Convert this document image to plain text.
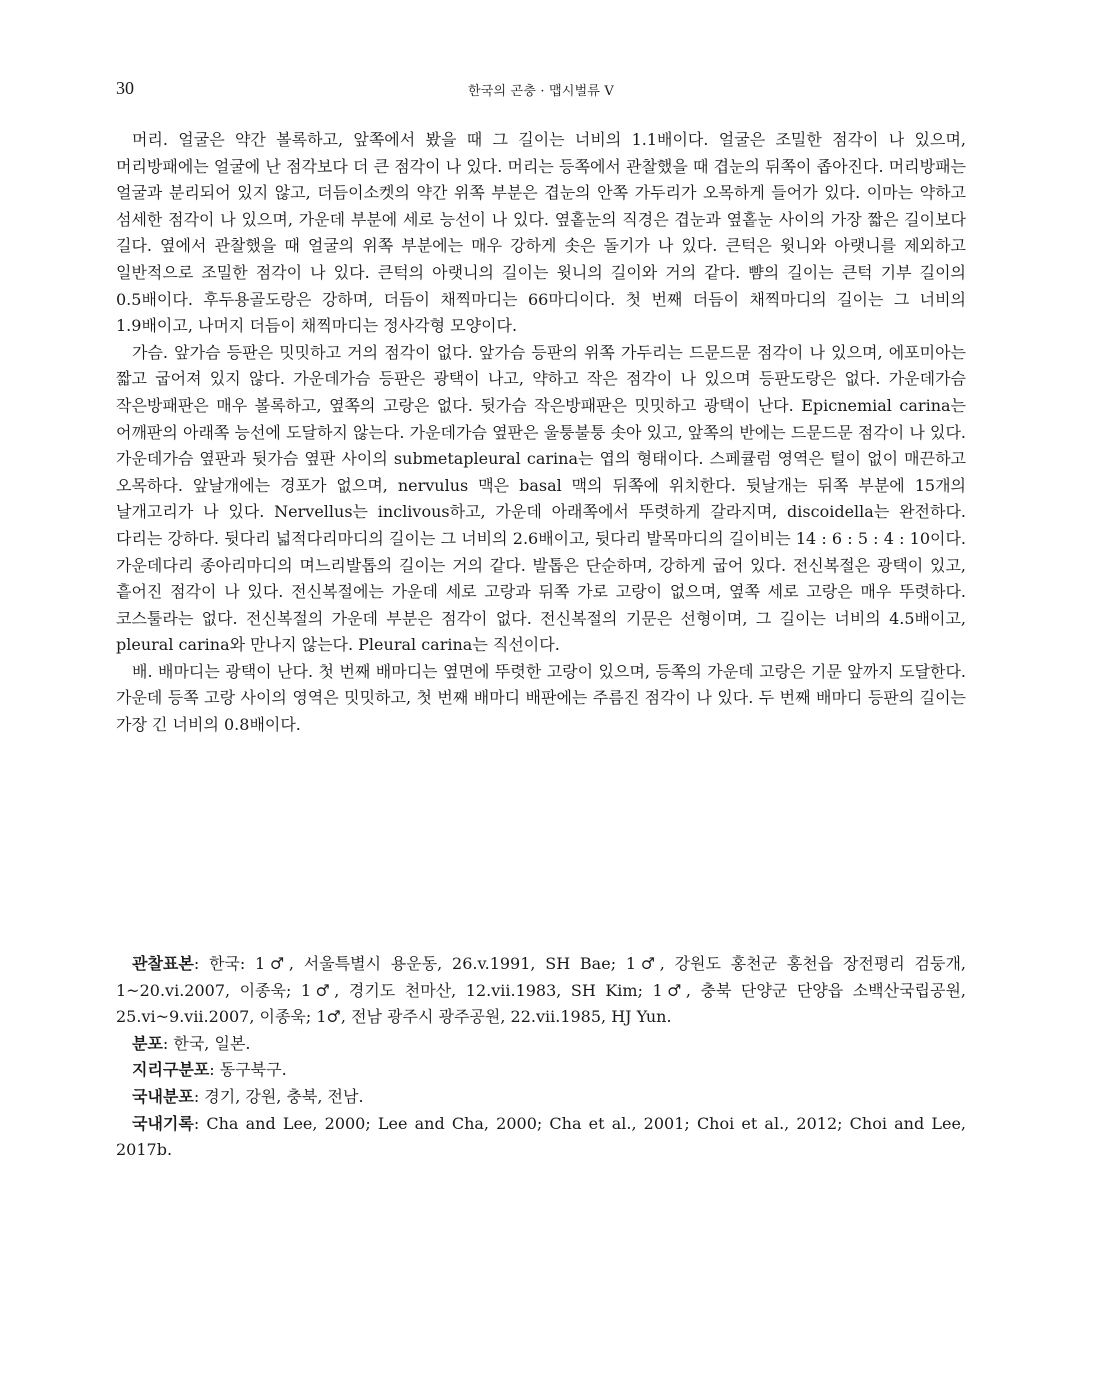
30	한국의 곤충 · 맵시벌류 V

머리. 얼굴은 약간 볼록하고, 앞쪽에서 봤을 때 그 길이는 너비의 1.1배이다. 얼굴은 조밀한 점각이 나 있으며, 머리방패에는 얼굴에 난 점각보다 더 큰 점각이 나 있다. 머리는 등쪽에서 관찰했을 때 겹눈의 뒤쪽이 좁아진다. 머리방패는 얼굴과 분리되어 있지 않고, 더듬이소켓의 약간 위쪽 부분은 겹눈의 안쪽 가두리가 오목하게 들어가 있다. 이마는 약하고 섬세한 점각이 나 있으며, 가운데 부분에 세로 능선이 나 있다. 옆홑눈의 직경은 겹눈과 옆홑눈 사이의 가장 짧은 길이보다 길다. 옆에서 관찰했을 때 얼굴의 위쪽 부분에는 매우 강하게 솟은 돌기가 나 있다. 큰턱은 윗니와 아랫니를 제외하고 일반적으로 조밀한 점각이 나 있다. 큰턱의 아랫니의 길이는 윗니의 길이와 거의 같다. 뺨의 길이는 큰턱 기부 길이의 0.5배이다. 후두용골도랑은 강하며, 더듬이 채찍마디는 66마디이다. 첫 번째 더듬이 채찍마디의 길이는 그 너비의 1.9배이고, 나머지 더듬이 채찍마디는 정사각형 모양이다.

가슴. 앞가슴 등판은 밋밋하고 거의 점각이 없다. 앞가슴 등판의 위쪽 가두리는 드문드문 점각이 나 있으며, 에포미아는 짧고 굽어져 있지 않다. 가운데가슴 등판은 광택이 나고, 약하고 작은 점각이 나 있으며 등판도랑은 없다. 가운데가슴 작은방패판은 매우 볼록하고, 옆쪽의 고랑은 없다. 뒷가슴 작은방패판은 밋밋하고 광택이 난다. Epicnemial carina는 어깨판의 아래쪽 능선에 도달하지 않는다. 가운데가슴 옆판은 울퉁불퉁 솟아 있고, 앞쪽의 반에는 드문드문 점각이 나 있다. 가운데가슴 옆판과 뒷가슴 옆판 사이의 submetapleural carina는 엽의 형태이다. 스페큘럼 영역은 털이 없이 매끈하고 오목하다. 앞날개에는 경포가 없으며, nervulus 맥은 basal 맥의 뒤쪽에 위치한다. 뒷날개는 뒤쪽 부분에 15개의 날개고리가 나 있다. Nervellus는 inclivous하고, 가운데 아래쪽에서 뚜렷하게 갈라지며, discoidella는 완전하다. 다리는 강하다. 뒷다리 넓적다리마디의 길이는 그 너비의 2.6배이고, 뒷다리 발목마디의 길이비는 14 : 6 : 5 : 4 : 10이다. 가운데다리 종아리마디의 며느리발톱의 길이는 거의 같다. 발톱은 단순하며, 강하게 굽어 있다. 전신복절은 광택이 있고, 흩어진 점각이 나 있다. 전신복절에는 가운데 세로 고랑과 뒤쪽 가로 고랑이 없으며, 옆쪽 세로 고랑은 매우 뚜렷하다. 코스툴라는 없다. 전신복절의 가운데 부분은 점각이 없다. 전신복절의 기문은 선형이며, 그 길이는 너비의 4.5배이고, pleural carina와 만나지 않는다. Pleural carina는 직선이다.

배. 배마디는 광택이 난다. 첫 번째 배마디는 옆면에 뚜렷한 고랑이 있으며, 등쪽의 가운데 고랑은 기문 앞까지 도달한다. 가운데 등쪽 고랑 사이의 영역은 밋밋하고, 첫 번째 배마디 배판에는 주름진 점각이 나 있다. 두 번째 배마디 등판의 길이는 가장 긴 너비의 0.8배이다.

관찰표본: 한국: 1♂, 서울특별시 용운동, 26.v.1991, SH Bae; 1♂, 강원도 홍천군 홍천읍 장전평리 검둥개, 1~20.vi.2007, 이종욱; 1♂, 경기도 천마산, 12.vii.1983, SH Kim; 1♂, 충북 단양군 단양읍 소백산국립공원, 25.vi~9.vii.2007, 이종욱; 1♂, 전남 광주시 광주공원, 22.vii.1985, HJ Yun.

분포: 한국, 일본.

지리구분포: 동구북구.

국내분포: 경기, 강원, 충북, 전남.

국내기록: Cha and Lee, 2000; Lee and Cha, 2000; Cha et al., 2001; Choi et al., 2012; Choi and Lee, 2017b.
